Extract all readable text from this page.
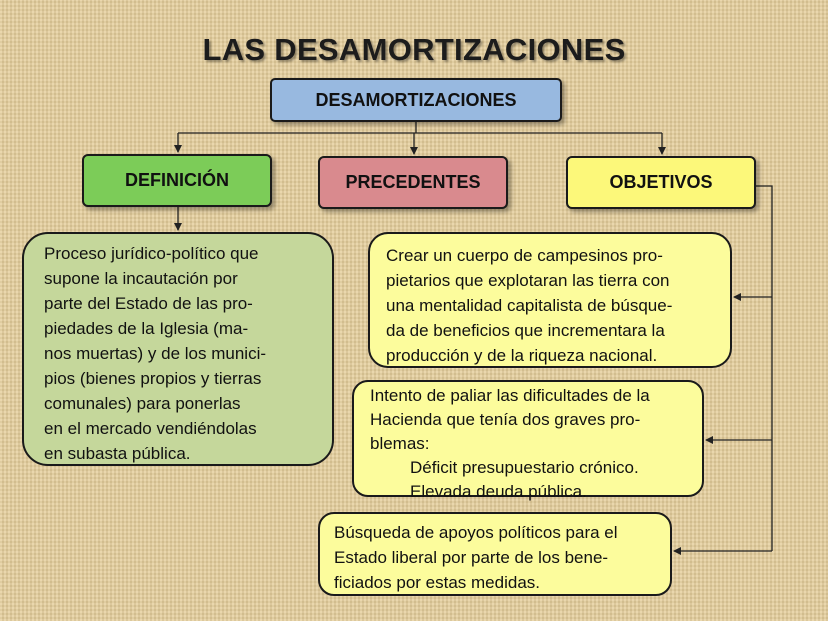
LAS DESAMORTIZACIONES
DESAMORTIZACIONES
DEFINICIÓN	PRECEDENTES	OBJETIVOS
Proceso jurídico-político que
supone la incautación por
parte del Estado de las pro-
piedades de la Iglesia (ma-
nos muertas) y de los munici-
pios (bienes propios y tierras
comunales) para ponerlas
en el mercado vendiéndolas
en subasta pública.
Crear un cuerpo de campesinos pro-
pietarios que explotaran las tierra con
una mentalidad capitalista de búsque-
da de beneficios que incrementara la
producción y de la riqueza nacional.
Intento de paliar las dificultades de la
Hacienda que tenía dos graves pro-
blemas:
Déficit presupuestario crónico.
Elevada deuda pública.
Búsqueda de apoyos políticos para el
Estado liberal por parte de los bene-
ficiados por estas medidas.
